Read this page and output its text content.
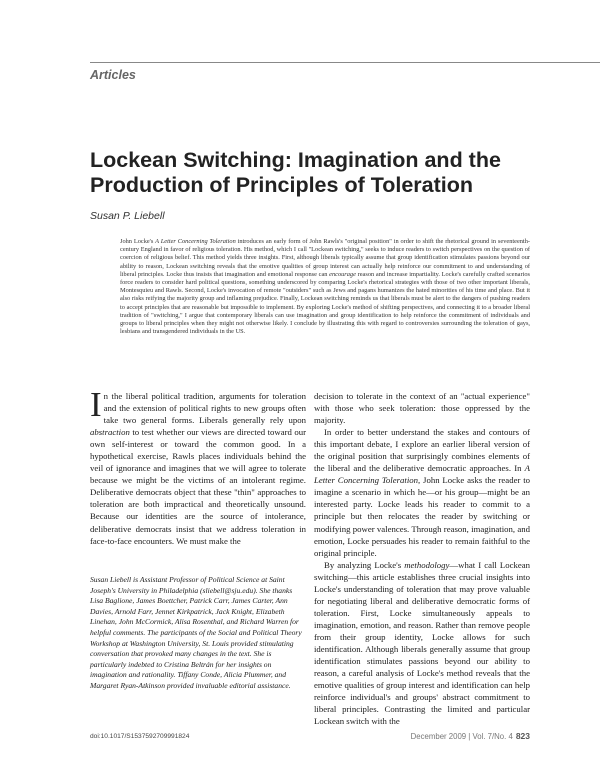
Articles
Lockean Switching: Imagination and the Production of Principles of Toleration
Susan P. Liebell

John Locke's A Letter Concerning Toleration introduces an early form of John Rawls's "original position" in order to shift the rhetorical ground in seventeenth-century England in favor of religious toleration. His method, which I call "Lockean switching," seeks to induce readers to switch perspectives on the question of coercion of religious belief. This method yields three insights. First, although liberals typically assume that group identification stimulates passions beyond our ability to reason, Lockean switching reveals that the emotive qualities of group interest can actually help reinforce our commitment to and understanding of liberal principles. Locke thus insists that imagination and emotional response can encourage reason and increase impartiality. Locke's carefully crafted scenarios force readers to consider hard political questions, something underscored by comparing Locke's rhetorical strategies with those of two other important liberals, Montesquieu and Rawls. Second, Locke's invocation of remote "outsiders" such as Jews and pagans humanizes the hated minorities of his time and place. But it also risks reifying the majority group and inflaming prejudice. Finally, Lockean switching reminds us that liberals must be alert to the dangers of pushing readers to accept principles that are reasonable but impossible to implement. By exploring Locke's method of shifting perspectives, and connecting it to a broader liberal tradition of "switching," I argue that contemporary liberals can use imagination and group identification to help reinforce the commitment of individuals and groups to liberal principles when they might not otherwise likely. I conclude by illustrating this with regard to controversies surrounding the toleration of gays, lesbians and transgendered individuals in the US.

In the liberal political tradition, arguments for toleration and the extension of political rights to new groups often take two general forms. Liberals generally rely upon abstraction to test whether our views are directed toward our own self-interest or toward the common good. In a hypothetical exercise, Rawls places individuals behind the veil of ignorance and imagines that we will agree to tolerate because we might be the victims of an intolerant regime. Deliberative democrats object that these "thin" approaches to toleration are both impractical and theoretically unsound. Because our identities are the source of intolerance, deliberative democrats insist that we address toleration in face-to-face encounters. We must make the

Susan Liebell is Assistant Professor of Political Science at Saint Joseph's University in Philadelphia (sliebell@sju.edu). She thanks Lisa Baglione, James Boettcher, Patrick Carr, James Carter, Ann Davies, Arnold Farr, Jennet Kirkpatrick, Jack Knight, Elizabeth Linehan, John McCormick, Alisa Rosenthal, and Richard Warren for helpful comments. The participants of the Social and Political Theory Workshop at Washington University, St. Louis provided stimulating conversation that provoked many changes in the text. She is particularly indebted to Cristina Beltrán for her insights on imagination and rationality. Tiffany Conde, Alicia Plummer, and Margaret Ryan-Atkinson provided invaluable editorial assistance.

decision to tolerate in the context of an "actual experience" with those who seek toleration: those oppressed by the majority.

In order to better understand the stakes and contours of this important debate, I explore an earlier liberal version of the original position that surprisingly combines elements of the liberal and the deliberative democratic approaches. In A Letter Concerning Toleration, John Locke asks the reader to imagine a scenario in which he—or his group—might be an interested party. Locke leads his reader to commit to a principle but then relocates the reader by switching or modifying power valences. Through reason, imagination, and emotion, Locke persuades his reader to remain faithful to the original principle.

By analyzing Locke's methodology—what I call Lockean switching—this article establishes three crucial insights into Locke's understanding of toleration that may prove valuable for negotiating liberal and deliberative democratic forms of toleration. First, Locke simultaneously appeals to imagination, emotion, and reason. Rather than remove people from their group identity, Locke allows for such identification. Although liberals generally assume that group identification stimulates passions beyond our ability to reason, a careful analysis of Locke's method reveals that the emotive qualities of group interest and identification can help reinforce individual's and groups' abstract commitment to liberal principles. Contrasting the limited and particular Lockean switch with the

doi:10.1017/S1537592709991824	December 2009 | Vol. 7/No. 4 823
